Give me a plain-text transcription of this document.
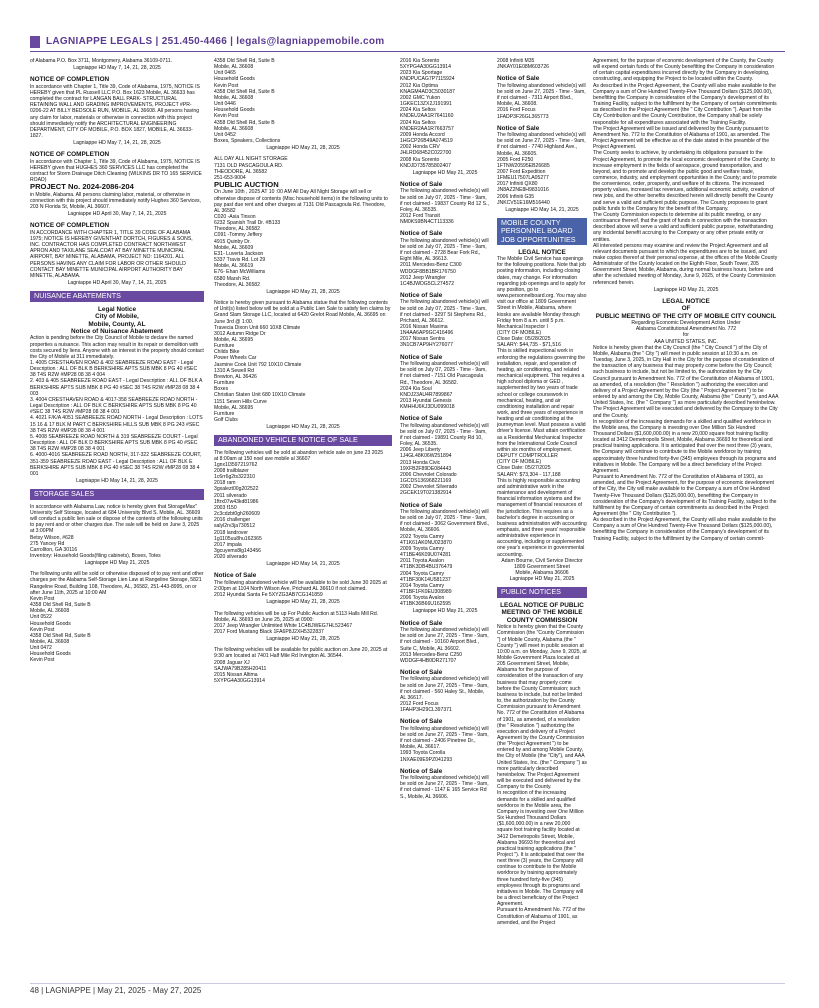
LAGNIAPPE LEGALS | 251.450-4466 | legals@lagniappemobile.com
of Alabama P.O. Box 3711, Montgomery, Alabama 36109-0711.
Lagniappe HD May 7, 14, 21, 28, 2025
NOTICE OF COMPLETION
In accordance with Chapter 1, Title 39, Code of Alabama, 1975, NOTICE IS HEREBY given that PL Russell LLC P.O. Box 1623 Mobile, AL 36633 has completed the contract for LANGAN BALL PARK- STRUCTURAL RETAINING WALL AND GRADING IMPROVEMENTS, PROJECT #PR-0206-22 AT BILLY BEDSOLE RUN, MOBILE, AL 36608. All persons having any claim for labor, materials or otherwise in connection with this project should immediately notify the ARCHITECTURAL ENGINEERING DEPARTMENT, CITY OF MOBILE, P.O. BOX 1827, MOBILE, AL 36633-1827.
Lagniappe HD May 7, 14, 21, 28, 2025
NOTICE OF COMPLETION
In accordance with Chapter 1, Title 39, Code of Alabama, 1975, NOTICE IS HEREBY given that HUGHES 360 SERVICES LLC has completed the contract for Storm Drainage Ditch Cleaning (WILKINS DR TO 165 SERVICE ROAD)
PROJECT No. 2024-2086-204
in Mobile, Alabama. All persons claiming labor, material, or otherwise in connection with this project should immediately notify Hughes 360 Services, 203 N Florida St, Mobile, AL 36607.
Lagniappe HD April 30, May 7, 14, 21, 2025
NOTICE OF COMPLETION
IN ACCORDANCE WITH CHAPTER 1, TITLE 39 CODE OF ALABAMA 1975; NOTICE IS HEREBY GIVENTHAT DORTCH, FIGURES & SONS, INC. CONTRACTOR HAS COMPLETED CONTRACT NORTHWEST APRON AND TAXILANE SEALCOAT AT BAY MINETTE MUNICIPAL AIRPORT, BAY MINETTE, ALABAMA, PROJECT NO: 1164201. ALL PERSONS HAVING ANY CLAIM FOR LABOR OR OTHER SHOULD CONTACT BAY MINETTE MUNICIPAL AIRPORT AUTHORITY BAY MINETTE, ALABAMA.
Lagniappe HD April 30, May 7, 14, 21, 2025
NUISANCE ABATEMENTS
Legal Notice
City of Mobile,
Mobile, County, AL
Notice of Nuisance Abatement
Action is pending before the City Council of Mobile to declare the named properties a nuisance. This action may result in its repair or demolition with costs secured by liens. Anyone with an interest in the property should contact the City of Mobile at 311 immediately.
1. 4005 CRESTHAVEN ROAD & 402 SEABREEZE ROAD EAST - Legal Description : ALL OF BLK B BERKSHIRE APTS SUB MBK 8 PG 40 #SEC 38 T4S R2W #MP28 08 38 4 004
2. 403 & 405 SEABREEZE ROAD EAST - Legal Description : ALL OF BLK A BERKSHIRE APTS SUB MBK 8 PG 40 #SEC 38 T4S R2W #MP28 08 38 4 003
3. 4004 CRESTHAVEN ROAD & 4017-358 SEABREEZE ROAD NORTH - Legal Description : ALL OF BLK C BERKSHIRE APTS SUB MBK 8 PG 40 #SEC 38 T4S R2W #MP28 08 38 4 001
4. 4021 F/K/A 4051 SEABREEZE ROAD NORTH - Legal Description : LOTS 15 16 & 17 BLK M PART C BERKSHIRE HILLS SUB MBK 8 PG 243 #SEC 38 T4S R2W #MP28 08 38 4 001
5. 4008 SEABREEZE ROAD NORTH & 319 SEABREEZE COURT - Legal Description : ALL OF BLK D BERKSHIRE APTS SUB MBK 8 PG 40 #SEC 38 T4S R2W #MP28 08 38 4 001
6. 4000-4016 SEABREEZE ROAD NORTH, 317-322 SEABREEZE COURT, 351-359 SEABREEZE ROAD EAST - Legal Description : ALL OF BLK E BERKSHIRE APTS SUB MBK 8 PG 40 #SEC 38 T4S R2W #MP28 08 38 4 001
Lagniappe HD May 14, 21, 28, 2025
STORAGE SALES
In accordance with Alabama Law, notice is hereby given that StorageMax" University Self Storage, located at 684 University Blvd S. Mobile, AL. 36609 will conduct a public lien sale or dispose of the contents of the following units to pay rent and or other charges due. The sale will be held on June 3, 2025 at 3:00PM
Betsy Wilson, #628
275 Yancey Rd
Carrollton, GA 30116
Inventory: Household Goods(filing cabinets), Boxes, Totes
Lagniappe HD May 21, 2025
The following units will be sold or otherwise disposed of to pay rent and other charges per the Alabama Self-Storage Lien Law at Rangeline Storage, 5821 Rangeline Road, Building 108, Theodore, AL, 36582, 251-443-8995, on or after June 11th, 2025 at 10:00 AM
Kevin Post
4358 Old Shell Rd, Suite B
Mobile, AL 36608
Unit 0522
Household Goods
Kevin Post
4358 Old Shell Rd, Suite B
Mobile, AL 36608
Unit 0472
Household Goods
Kevin Post
4358 Old Shell Rd, Suite B
Mobile, AL 36608
Unit 0465
Household Goods
Kevin Post
4358 Old Shell Rd, Suite B
Mobile, AL 36608
Unit 0446
Household Goods
Kevin Post
4358 Old Shell Rd, Suite B
Mobile, AL 36608
Unit 0452
Boxes, Speakers, Collections
Lagniappe HD May 21, 28, 2025
ALL DAY ALL NIGHT STORAGE
7131 OLD PASCAGOULA RD.
THEODORE, AL 36582
251-653-9004
PUBLIC AUCTION
On June 10th , 2025 AT 10 :00 AM All Day All Night Storage will sell or otherwise dispose of contents (Misc household items) in the following units to pay past due rent and other charges at 7131 Old Pascagoula Rd. Theodore, AL 36582
C020 -Asia Tinson
6232 Spanish Trail Dr. #B133
Theodore, AL 36582
C091 -Tommy Jeffery
4915 Quinby Dr.
Mobile, AL 36609
E31- Luverta Jackson
5337 Travis Rd. Lot 29
Mobile, AL 36619
E76- Ehan McWilliams
6580 Marsh Rd.
Theodore, AL 36582
Lagniappe HD May 21, 28, 2025
Notice is hereby given pursuant to Alabama statue that the following contents of Unit(s) listed below will be sold at a Public Lien Sale to satisfy lien claims by Grand Slam Storage LLC, located at 6420 Grelot Road Mobile, AL 36695 on June 3rd @ 1:00.
Travecia Dixon Unit 660 10X8 Climate
3012 Autumn Ridge Dr
Mobile, AL 36695
Furniture
Childs Bike
Power Wheels Car
Jasmine Cook Unit 792 10X10 Climate
1310 A Sewell Rd
Brewton, AL 36426
Furniture
Boxes
Christian Staten Unit 680 10X10 Climate
1151 Seven Hills Curve
Mobile, AL 36695
Furniture
Golf Clubs
Lagniappe HD May 21, 28, 2025
ABANDONED VEHICLE NOTICE OF SALE
The following vehicles will be sold at abandon vehicle sale on june 23 2025
at 8:00am at 150 noel ave mobile al 36607
1gnx1l3597219762
2008 trailblazer
1c6rr6g2ts322310
2018 ram
3gxalezt00g202522
2011 silverado
1ftrx07w43kd81986
2003 f150
2c3cdzbt0gh260609
2016 challenger
salyl2rv3ja730512
2018 landrover
1g1105uu8hu162365
2017 impala
3gcuyems8lg143456
2020 silverado
Lagniappe HD May 14, 21, 2025
Notice of Sale
The following abandoned vehicle will be available to be sold June 30 2025 at 2:00pm at 1104 North Wilson Ave, Prichard AL 36610 if not claimed.
2012 Hyundai Santa Fe 5XYZG3AB7CG141859
Lagniappe HD May 21, 28, 2025
The following vehicles will be up For Public Auction at 5113 Halls Mill Rd. Mobile, AL 36693 on June 25, 2025 at 0900:
2017 Jeep Wrangler Unlimited White 1C4BJWEG7HL523467
2017 Ford Mustang Black 1FA6P8J2XH5322837
Lagniappe HD May 21, 28, 2025
The following vehicles will be available for public auction on June 20, 2025 at 9:30 am located at 7401 Half Mile Rd Irvington AL 36544.
2008 Jaguar XJ
SAJWA79B285H20411
2015 Nissan Altima
5XYPG4A30GG13914
2016 Kia Sorento
5XYPG4A30GG13914
2023 Kia Sportage
KNDPUCAG7P7115924
2012 Kia Optima
KNAGM4AD3C5030187
2002 GMC Yukon
1GKEC13ZX2J191991
2024 Kia Seltos
KNDEU2AA1R7641160
2024 Kia Seltos
KNDER2AA1R7663757
2009 Honda Accord
1HGCP26B49A074519
2002 Honda CRV
JHLRD68452C022700
2008 Kia Sorento
KNDJD735785802407
Lagniappe HD May 21, 2025
Notice of Sale
The following abandoned vehicle(s) will be sold on July 07, 2025 - Time - 9am, if not claimed - 19837 County Rd 12 S., Foley, AL 36535.
2012 Ford Transit
NM0KS9BN4CT113336
Notice of Sale
The following abandoned vehicle(s) will be sold on July 07, 2025 - Time - 9am, if not claimed - 2728 Bear Fork Rd., Eight Mile, AL 36613.
2011 Mercedes-Benz C300
WDDGF8BB1BR176750
2012 Jeep Wrangler
1C4BJWDG5CL274572
Notice of Sale
The following abandoned vehicle(s) will be sold on July 07, 2025 - Time - 9am, if not claimed - 3297 St Stephens Rd., Prichard, AL 36612.
2016 Nissan Maxima
1N4AA6AP9GC416496
2017 Nissan Sentra
3N1CB7AP9HY276077
Notice of Sale
The following abandoned vehicle(s) will be sold on July 07, 2025 - Time - 9am, if not claimed - 7151 Old Pascagoula Rd., Theodore, AL 36582.
2024 Kia Soul
KNDJ23AU4R7899867
2013 Hyundai Genesis
KMHHU6KJ3DU099018
Notice of Sale
The following abandoned vehicle(s) will be sold on July 07, 2025 - Time - 9am, if not claimed - 19891 County Rd 10, Foley, AL 36535.
2006 Jeep Liberty
1J4GL48K06W251894
2013 Honda Civic
19XFB2F89DE084443
2006 Chevrolet Colorado
1GCDS136968221169
2002 Chevrolet Silverado
2GCEK19T021382914
Notice of Sale
The following abandoned vehicle(s) will be sold on July 07, 2025 - Time - 9am, if not claimed - 3062 Government Blvd., Mobile, AL 36606.
2022 Toyota Camry
4T1K61AK0NU023870
2009 Toyota Camry
4T1BE46K09U074281
2011 Toyota Avalon
4T1BK3DB4BU376479
2004 Toyota Camry
4T1BF30K14U581237
2014 Toyota Camry
4T1BF1FK0EU308989
2006 Toyota Avalon
4T1BK36B66U162595
Lagniappe HD May 21, 2025
Notice of Sale
The following abandoned vehicle(s) will be sold on June 27, 2025 - Time - 9am, if not claimed - 10160 Airport Blvd., Suite C, Mobile, AL 36602.
2013 Mercedes-Benz C250
WDDGF4HB0DR271707
Notice of Sale
The following abandoned vehicle(s) will be sold on June 27, 2025 - Time - 9am, if not claimed - 560 Haley St., Mobile, AL 36617.
2012 Ford Focus
1FAHP3H29CL397371
Notice of Sale
The following abandoned vehicle(s) will be sold on June 27, 2025 - Time - 9am, if not claimed - 2406 Pinetree Dr., Mobile, AL 36617.
1993 Toyota Corolla
1NXAE09E9PZ041293
Notice of Sale
The following abandoned vehicle(s) will be sold on June 27, 2025 - Time - 9am, if not claimed - 1147 E 165 Service Rd S., Mobile, AL 36606.
Agreement, for the purpose of economic development of the County, the County will expend certain funds of the County benefitting the Company in consideration of certain capital expenditures incurred directly by the Company in developing, constructing, and equipping the Project to be located within the County.
As described in the Project Agreement, the County will also make available to the Company a sum of One Hundred Twenty-Five Thousand Dollars ($125,000.00), benefitting the Company in consideration of the Company's development of its Training Facility, subject to the fulfillment by the Company of certain commitments as described in the Project Agreement (the " City Contribution "). Apart from the City Contribution and the County Contribution, the Company shall be solely responsible for all expenditures associated with the Training Facility.
The Project Agreement will be issued and delivered by the County pursuant to Amendment No. 772 to the Constitution of Alabama of 1901, as amended. The Project Agreement will be effective as of the date stated in the preamble of the Project Agreement.
The County seeks to achieve, by undertaking its obligations pursuant to the Project Agreement, to promote the local economic development of the County; to increase employment in the fields of aerospace, ground transportation, and beyond, and to promote and develop the public good and welfare trade, commerce, industry, and employment opportunities in the County; and to promote the convenience, order, prosperity, and welfare of its citizens. The increased property values, increased tax revenues, additional economic activity, creation of new jobs, and the other benefits described herein will directly benefit the County and serve a valid and sufficient public purpose. The County proposes to grant public funds to the Company for the benefit of the Company.
The County Commission expects to determine at its public meeting, or any continuance thereof, that the grant of funds in connection with the transaction described above will serve a valid and sufficient public purpose, notwithstanding any incidental benefit accruing to the Company or any other private entity or entities.
All interested persons may examine and review the Project Agreement and all relevant documents pursuant to which the expenditures are to be issued, and make copies thereof at their personal expense, at the offices of the Mobile County Administrator of the County located on the Eighth Floor, South Tower, 205 Government Street, Mobile, Alabama, during normal business hours, before and after the scheduled meeting of Monday, June 9, 2025, of the County Commission referenced herein.
Lagniappe HD May 21, 2025
LEGAL NOTICE
OF
PUBLIC MEETING OF THE CITY OF MOBILE CITY COUNCIL
Regarding Economic Development Action Under
Alabama Constitutional Amendment No. 772
for
AAA UNITED STATES, INC.
Notice is hereby given that the City Council (the " City Council ") of the City of Mobile, Alabama (the " City ") will meet in public session at 10:30 a.m. on Tuesday, June 3, 2025, in City Hall in the City for the purpose of consideration of the transaction of any business that may properly come before the City Council; such business to include, but not be limited to, the authorization by the City Council pursuant to Amendment No. 772 of the Constitution of Alabama of 1901, as amended, of a resolution (the " Resolution ") authorizing the execution and delivery of a Project Agreement by the City (the " Project Agreement ") to be entered by and among the City, Mobile County, Alabama (the " County "), and AAA United States, Inc. (the " Company ") as more particularly described hereinbelow. The Project Agreement will be executed and delivered by the Company to the City and the County.
In recognition of the increasing demands for a skilled and qualified workforce in the Mobile area, the Company is investing over One Million Six Hundred Thousand Dollars ($1,600,000.00) in a new 20,000 square foot training facility located at 3412 Demetropolis Street, Mobile, Alabama 36693 for theoretical and practical training applications. It is anticipated that over the next three (3) years, the Company will continue to contribute to the Mobile workforce by training approximately three hundred forty-five (345) employees through its programs and initiatives in Mobile. The Company will be a direct beneficiary of the Project Agreement.
Pursuant to Amendment No. 772 of the Constitution of Alabama of 1901, as amended, and the Project Agreement, for the purpose of economic development of the City, the City will make available to the Company a sum of One Hundred Twenty-Five Thousand Dollars ($125,000.00), benefitting the Company in consideration of the Company's development of its Training Facility, subject to the fulfillment by the Company of certain commitments as described in the Project Agreement (the " City Contribution ").
As described in the Project Agreement, the County will also make available to the Company a sum of One Hundred Twenty-Five Thousand Dollars ($125,000.00), benefitting the Company in consideration of the Company's development of its Training Facility, subject to the fulfillment by the Company of certain commit-
48 | LAGNIAPPE | May 21, 2025 - May 27, 2025
2008 Infiniti M35
JNKAY01E08M603726
Notice of Sale
The following abandoned vehicle(s) will be sold on June 27, 2025 - Time - 9am, if not claimed - 7311 Airport Blvd., Mobile, AL 36608.
2016 Ford Focus
1FADP3F26GL365773
Notice of Sale
The following abandoned vehicle(s) will be sold on June 27, 2025 - Time - 9am, if not claimed - 7740 Highland Ave., Mobile, AL 36605.
2005 Ford F250
1FTNW20595EB26685
2007 Ford Expedition
1FMEU17507LA05277
2017 Infiniti QX80
JN8AZ2NE8H9831016
2006 Infiniti G35
JNKCV51E16M516440
Lagniappe HD May 14, 21, 2025
MOBILE COUNTY PERSONNEL BOARD JOB OPPORTUNITIES
LEGAL NOTICE
The Mobile Civil Service has openings for the following positions. Note that job posting information, including closing dates, may change. For information regarding job openings and to apply for any position, go to www.personnelboard.org. You may also visit our office at 1809 Government Street in Mobile, Alabama, where kiosks are available Monday through Friday from 8 a.m. until 5 p.m.
Mechanical Inspector I
(CITY OF MOBILE)
Close Date: 05/28/2025
SALARY: $44,735 - $71,516
This is skilled inspectional work in enforcing the regulations governing the installation, repair, and operation of heating, air conditioning, and related mechanical equipment. This requires a high school diploma or GED , supplemented by two years of trade school or college coursework in mechanical, heating, and air conditioning installation and repair work, and three years of experience in heating and air conditioning at the journeyman level. Must possess a valid driver's license. Must attain certification as a Residential Mechanical Inspector from the International Code Council within six months of employment.
DEPUTY COMPTROLLER
(CITY OF MOBILE)
Close Date: 05/27/2025
SALARY: $73,304 - 117,188
This is highly responsible accounting and administrative work in the maintenance and development of financial information systems and the management of financial resources of the jurisdiction. This requires as a bachelor's degree in accounting or business administration with accounting emphasis, and three years' responsible administrative experience in accounting, including or supplemented one year's experience in governmental accounting.
Adam Bourne, Civil Service Director
1809 Government Street
Mobile, Alabama 36606
Lagniappe HD May 21, 2025
PUBLIC NOTICES
LEGAL NOTICE OF PUBLIC MEETING OF THE MOBILE COUNTY COMMISSION
Notice is hereby given that the County Commission (the "County Commission ") of Mobile County, Alabama (the " County ") will meet in public session at 10:00 a.m. on Monday, June 9, 2025, at Mobile Government Plaza located at 205 Government Street, Mobile, Alabama for the purpose of consideration of the transaction of any business that may properly come before the County Commission; such business to include, but not be limited to, the authorization by the County Commission pursuant to Amendment No. 772 of the Constitution of Alabama of 1901, as amended, of a resolution (the " Resolution ") authorizing the execution and delivery of a Project Agreement by the County Commission (the "Project Agreement ") to be entered by and among Mobile County, the City of Mobile (the "City"), and AAA United States, Inc. (the " Company ") as more particularly described hereinbelow. The Project Agreement will be executed and delivered by the Company to the County.
In recognition of the increasing demands for a skilled and qualified workforce in the Mobile area, the Company is investing over One Million Six Hundred Thousand Dollars ($1,600,000.00) in a new 20,000 square foot training facility located at 3412 Demetropolis Street, Mobile, Alabama 36693 for theoretical and practical training applications (the " Project "). It is anticipated that over the next three (3) years, the Company will continue to contribute to the Mobile workforce by training approximately three hundred forty-five (345) employees through its programs and initiatives in Mobile. The Company will be a direct beneficiary of the Project Agreement.
Pursuant to Amendment No. 772 of the Constitution of Alabama of 1901, as amended, and the Project
